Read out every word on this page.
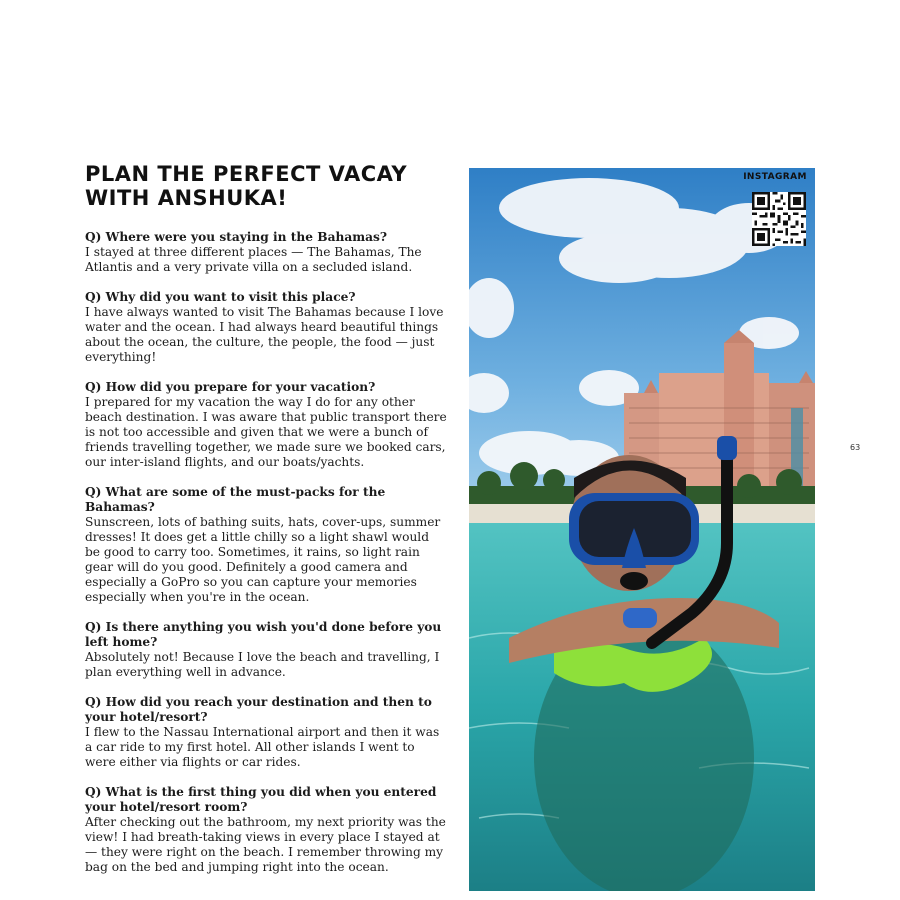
PLAN THE PERFECT VACAY WITH ANSHUKA!
Q) Where were you staying in the Bahamas?
I stayed at three different places — The Bahamas, The Atlantis and a very private villa on a secluded island.
Q) Why did you want to visit this place?
I have always wanted to visit The Bahamas because I love water and the ocean. I had always heard beautiful things about the ocean, the culture, the people, the food — just everything!
Q) How did you prepare for your vacation?
I prepared for my vacation the way I do for any other beach destination. I was aware that public transport there is not too accessible and given that we were a bunch of friends travelling together, we made sure we booked cars, our inter-island flights, and our boats/yachts.
Q) What are some of the must-packs for the Bahamas?
Sunscreen, lots of bathing suits, hats, cover-ups, summer dresses! It does get a little chilly so a light shawl would be good to carry too. Sometimes, it rains, so light rain gear will do you good. Definitely a good camera and especially a GoPro so you can capture your memories especially when you're in the ocean.
Q) Is there anything you wish you'd done before you left home?
Absolutely not! Because I love the beach and travelling, I plan everything well in advance.
Q) How did you reach your destination and then to your hotel/resort?
I flew to the Nassau International airport and then it was a car ride to my first hotel. All other islands I went to were either via flights or car rides.
Q) What is the first thing you did when you entered your hotel/resort room?
After checking out the bathroom, my next priority was the view! I had breath-taking views in every place I stayed at — they were right on the beach. I remember throwing my bag on the bed and jumping right into the ocean.
INSTAGRAM
63
